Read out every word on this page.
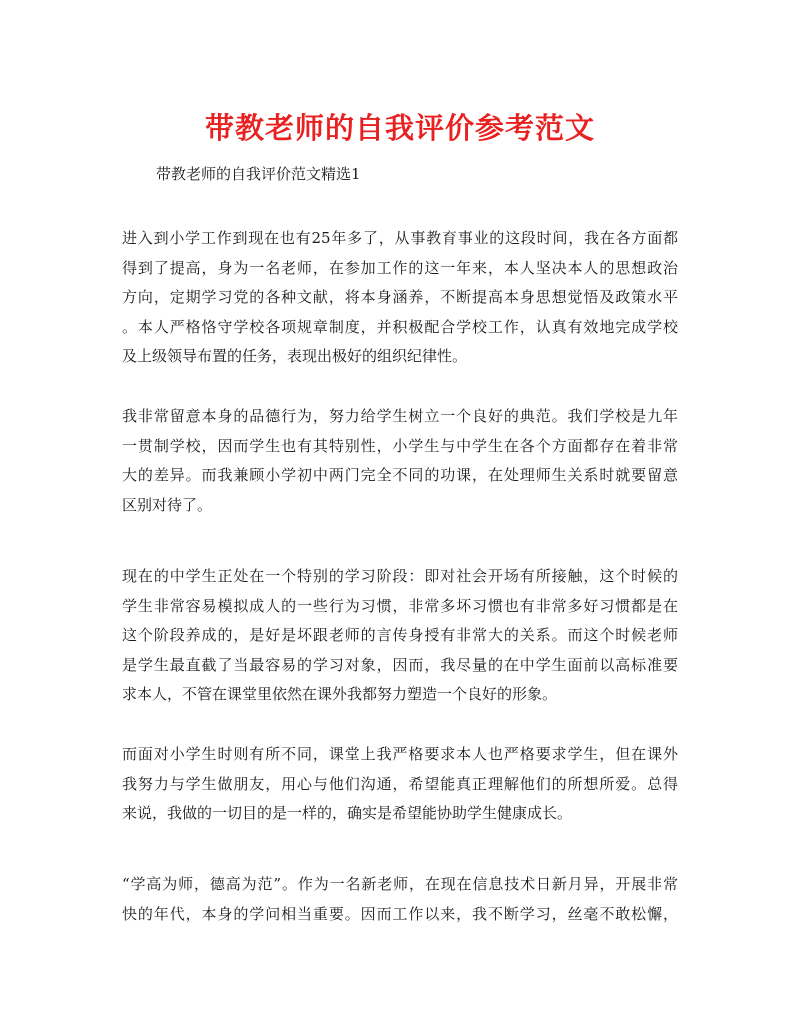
带教老师的自我评价参考范文

带教老师的自我评价范文精选1

进入到小学工作到现在也有25年多了，从事教育事业的这段时间，我在各方面都
得到了提高，身为一名老师，在参加工作的这一年来，本人坚决本人的思想政治
方向，定期学习党的各种文献，将本身涵养，不断提高本身思想觉悟及政策水平
。本人严格恪守学校各项规章制度，并积极配合学校工作，认真有效地完成学校
及上级领导布置的任务，表现出极好的组织纪律性。
我非常留意本身的品德行为，努力给学生树立一个良好的典范。我们学校是九年
一贯制学校，因而学生也有其特别性，小学生与中学生在各个方面都存在着非常
大的差异。而我兼顾小学初中两门完全不同的功课，在处理师生关系时就要留意
区别对待了。
现在的中学生正处在一个特别的学习阶段：即对社会开场有所接触，这个时候的
学生非常容易模拟成人的一些行为习惯，非常多坏习惯也有非常多好习惯都是在
这个阶段养成的，是好是坏跟老师的言传身授有非常大的关系。而这个时候老师
是学生最直截了当最容易的学习对象，因而，我尽量的在中学生面前以高标准要
求本人，不管在课堂里依然在课外我都努力塑造一个良好的形象。
而面对小学生时则有所不同，课堂上我严格要求本人也严格要求学生，但在课外
我努力与学生做朋友，用心与他们沟通，希望能真正理解他们的所想所爱。总得
来说，我做的一切目的是一样的，确实是希望能协助学生健康成长。
“学高为师，德高为范”。作为一名新老师，在现在信息技术日新月异，开展非常
快的年代，本身的学问相当重要。因而工作以来，我不断学习，丝毫不敢松懈，
